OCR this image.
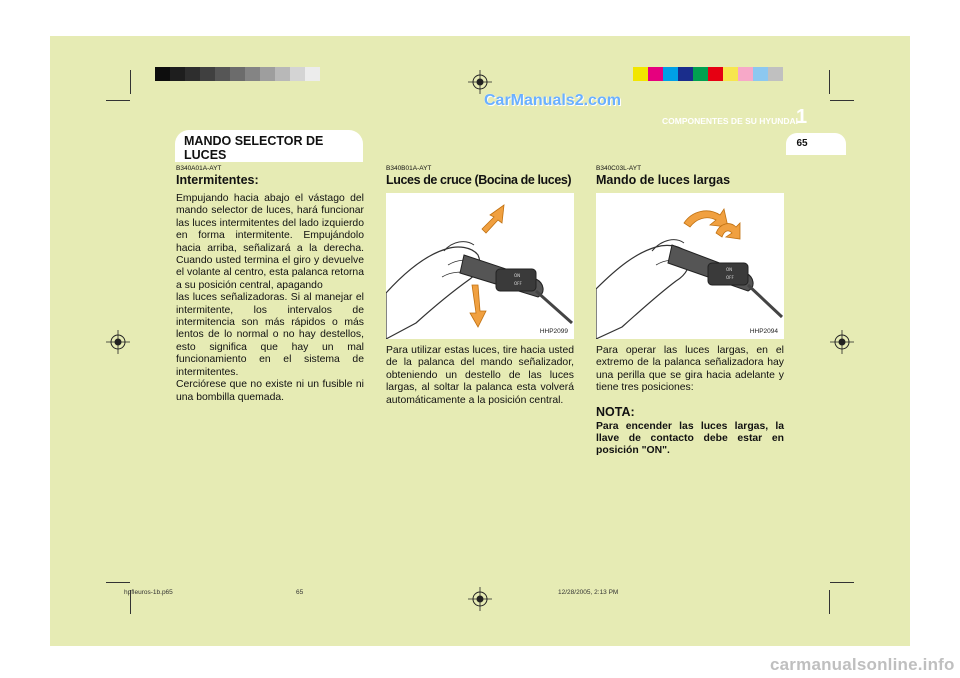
CarManuals2.com
COMPONENTES DE SU HYUNDAI
1
65
MANDO SELECTOR DE LUCES

B340A01A-AYT

Intermitentes:

Empujando hacia abajo el vástago del mando selector de luces, hará funcionar las luces intermitentes del lado izquierdo en forma intermitente. Empujándolo hacia arriba, señalizará a la derecha. Cuando usted termina el giro y devuelve el volante al centro, esta palanca retorna a su posición central, apagando
las luces señalizadoras. Si al manejar el intermitente, los intervalos de intermitencia son más rápidos o más lentos de lo normal o no hay destellos, esto significa que hay un mal funcionamiento en el sistema de intermitentes.
Cerciórese que no existe ni un fusible ni una bombilla quemada.

B340B01A-AYT

Luces de cruce (Bocina de luces)

ON
OFF
HHP2099

Para utilizar estas luces, tire hacia usted de la palanca del mando señalizador, obteniendo un destello de las luces largas, al soltar la palanca esta volverá automáticamente a la posición central.

B340C03L-AYT

Mando de luces largas

ON
OFF
HHP2094

Para operar las luces largas, en el extremo de la palanca señalizadora hay una perilla que se gira hacia adelante y tiene tres posiciones:

NOTA:

Para encender las luces largas, la llave de contacto debe estar en posición "ON".

hpfleuros-1b.p65	65	12/28/2005, 2:13 PM
carmanualsonline.info
